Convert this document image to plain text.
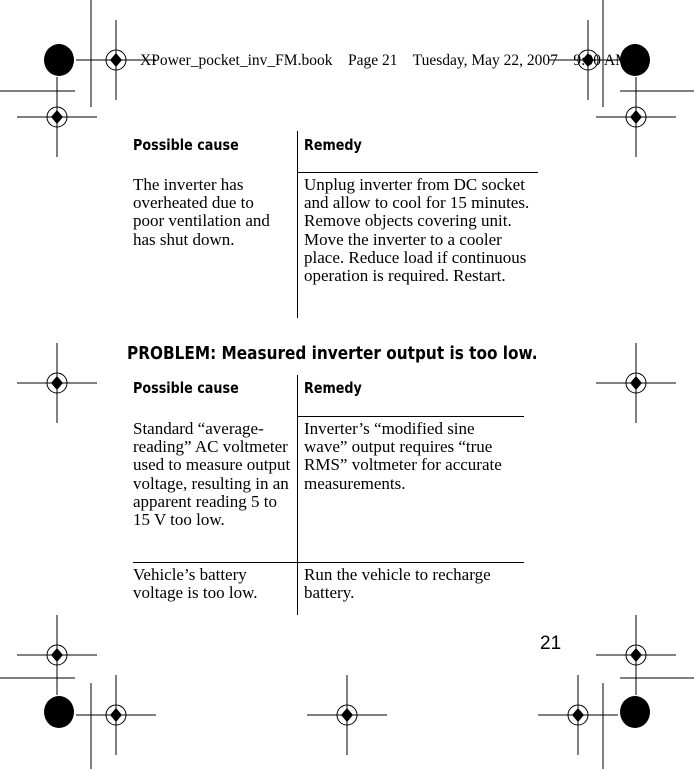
XPower_pocket_inv_FM.book    Page 21    Tuesday, May 22, 2007    9:00 AM
Possible cause	Remedy
The inverter has overheated due to poor ventilation and has shut down.
Unplug inverter from DC socket and allow to cool for 15 minutes. Remove objects covering unit. Move the inverter to a cooler place. Reduce load if continuous operation is required. Restart.
PROBLEM: Measured inverter output is too low.
Possible cause	Remedy
Standard “average-reading” AC voltmeter used to measure output voltage, resulting in an apparent reading 5 to 15 V too low.
Inverter’s “modified sine wave” output requires “true RMS” voltmeter for accurate measurements.
Vehicle’s battery voltage is too low.
Run the vehicle to recharge battery.
21
